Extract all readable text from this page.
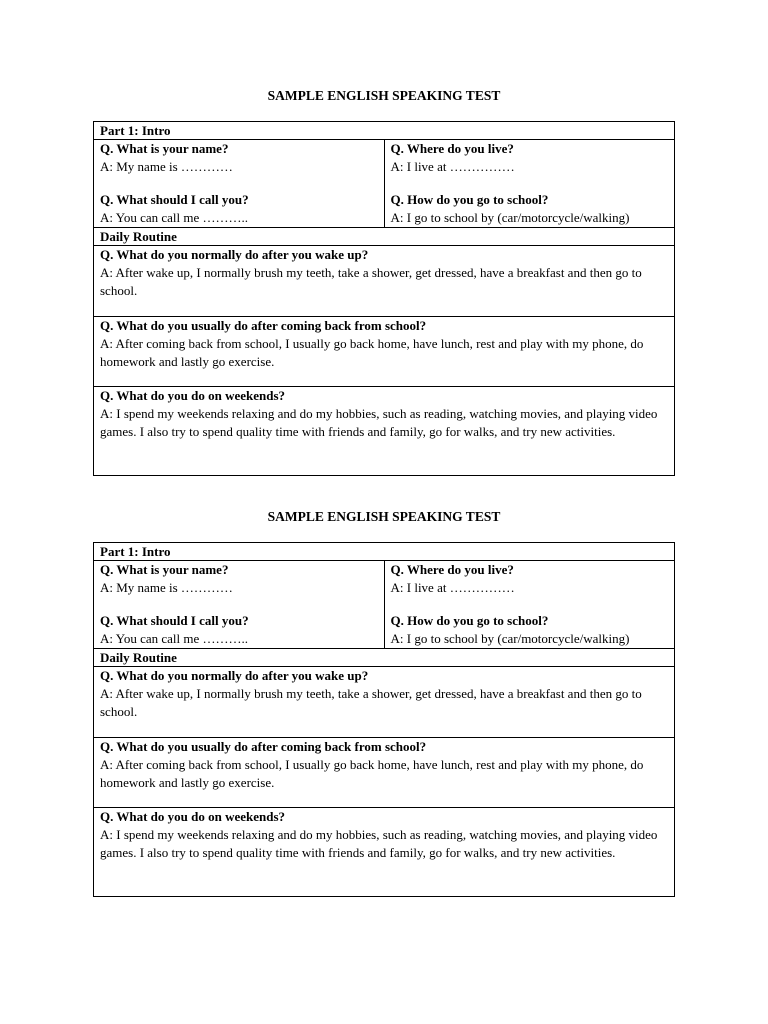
SAMPLE ENGLISH SPEAKING TEST
Part 1: Intro

Q. What is your name?
A: My name is …………
Q. What should I call you?
A: You can call me ………..

Q. Where do you live?
A: I live at ……………
Q. How do you go to school?
A: I go to school by (car/motorcycle/walking)

Daily Routine

Q. What do you normally do after you wake up?
A: After wake up, I normally brush my teeth, take a shower, get dressed, have a breakfast and then go to school.

Q. What do you usually do after coming back from school?
A: After coming back from school, I usually go back home, have lunch, rest and play with my phone, do homework and lastly go exercise.

Q. What do you do on weekends?
A: I spend my weekends relaxing and do my hobbies, such as reading, watching movies, and playing video games. I also try to spend quality time with friends and family, go for walks, and try new activities.
SAMPLE ENGLISH SPEAKING TEST
Part 1: Intro

Q. What is your name?
A: My name is …………
Q. What should I call you?
A: You can call me ………..

Q. Where do you live?
A: I live at ……………
Q. How do you go to school?
A: I go to school by (car/motorcycle/walking)

Daily Routine

Q. What do you normally do after you wake up?
A: After wake up, I normally brush my teeth, take a shower, get dressed, have a breakfast and then go to school.

Q. What do you usually do after coming back from school?
A: After coming back from school, I usually go back home, have lunch, rest and play with my phone, do homework and lastly go exercise.

Q. What do you do on weekends?
A: I spend my weekends relaxing and do my hobbies, such as reading, watching movies, and playing video games. I also try to spend quality time with friends and family, go for walks, and try new activities.
